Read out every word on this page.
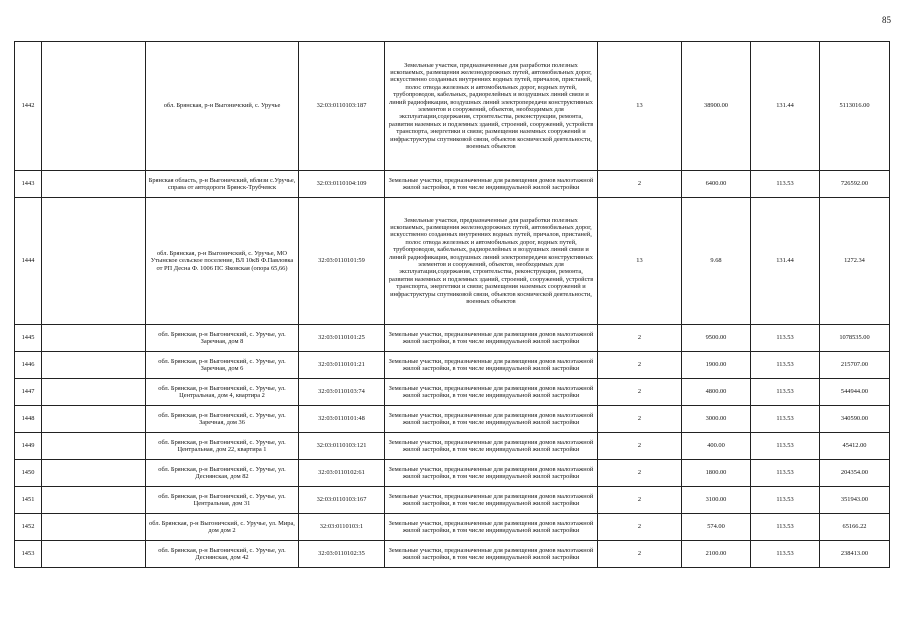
85
1442		обл. Брянская, р-н Выгоничский, с. Уручье	32:03:0110103:187	Земельные участки, предназначенные для разработки полезных ископаемых, размещения железнодорожных путей, автомобильных дорог, искусственно созданных внутренних водных путей, причалов, пристаней, полос отвода железных и автомобильных дорог, водных путей, трубопроводов, кабельных, радиорелейных и воздушных линий связи и линий радиофикации, воздушных линий электропередачи конструктивных элементов и сооружений, объектов, необходимых для эксплуатации,содержания, строительства, реконструкции, ремонта, развития наземных и подземных зданий, строений, сооружений, устройств транспорта, энергетики и связи; размещения наземных сооружений и инфраструктуры спутниковой связи, объектов космической деятельности, военных объектов	13	38900.00	131.44	5113016.00
1443		Брянская область, р-н Выгоничский, вблизи с.Уручье, справа от автодороги Брянск-Трубчевск	32:03:0110104:109	Земельные участки, предназначенные для размещения домов малоэтажной жилой застройки, в том числе индивидуальной жилой застройки	2	6400.00	113.53	726592.00
1444		обл. Брянская, р-н Выгоничский, с. Уручье, МО Утынское сельское поселение, ВЛ 10кВ Ф.Павловка от РП Десна Ф. 1006 ПС Яковская (опора 65,66)	32:03:0110101:59	Земельные участки, предназначенные для разработки полезных ископаемых, размещения железнодорожных путей, автомобильных дорог, искусственно созданных внутренних водных путей, причалов, пристаней, полос отвода железных и автомобильных дорог, водных путей, трубопроводов, кабельных, радиорелейных и воздушных линий связи и линий радиофикации, воздушных линий электропередачи конструктивных элементов и сооружений, объектов, необходимых для эксплуатации,содержания, строительства, реконструкции, ремонта, развития наземных и подземных зданий, строений, сооружений, устройств транспорта, энергетики и связи; размещения наземных сооружений и инфраструктуры спутниковой связи, объектов космической деятельности, военных объектов	13	9.68	131.44	1272.34
1445		обл. Брянская, р-н Выгоничский, с. Уручье, ул. Заречная, дом 8	32:03:0110101:25	Земельные участки, предназначенные для размещения домов малоэтажной жилой застройки, в том числе индивидуальной жилой застройки	2	9500.00	113.53	1078535.00
1446		обл. Брянская, р-н Выгоничский, с. Уручье, ул. Заречная, дом 6	32:03:0110101:21	Земельные участки, предназначенные для размещения домов малоэтажной жилой застройки, в том числе индивидуальной жилой застройки	2	1900.00	113.53	215707.00
1447		обл. Брянская, р-н Выгоничский, с. Уручье, ул. Центральная, дом 4, квартира 2	32:03:0110103:74	Земельные участки, предназначенные для размещения домов малоэтажной жилой застройки, в том числе индивидуальной жилой застройки	2	4800.00	113.53	544944.00
1448		обл. Брянская, р-н Выгоничский, с. Уручье, ул. Заречная, дом 36	32:03:0110101:48	Земельные участки, предназначенные для размещения домов малоэтажной жилой застройки, в том числе индивидуальной жилой застройки	2	3000.00	113.53	340590.00
1449		обл. Брянская, р-н Выгоничский, с. Уручье, ул. Центральная, дом 22, квартира 1	32:03:0110103:121	Земельные участки, предназначенные для размещения домов малоэтажной жилой застройки, в том числе индивидуальной жилой застройки	2	400.00	113.53	45412.00
1450		обл. Брянская, р-н Выгоничский, с. Уручье, ул. Деснянская, дом 82	32:03:0110102:61	Земельные участки, предназначенные для размещения домов малоэтажной жилой застройки, в том числе индивидуальной жилой застройки	2	1800.00	113.53	204354.00
1451		обл. Брянская, р-н Выгоничский, с. Уручье, ул. Центральная, дом 31	32:03:0110103:167	Земельные участки, предназначенные для размещения домов малоэтажной жилой застройки, в том числе индивидуальной жилой застройки	2	3100.00	113.53	351943.00
1452		обл. Брянская, р-н Выгоничский, с. Уручье, ул. Мира, дом дом 2	32:03:0110103:1	Земельные участки, предназначенные для размещения домов малоэтажной жилой застройки, в том числе индивидуальной жилой застройки	2	574.00	113.53	65166.22
1453		обл. Брянская, р-н Выгоничский, с. Уручье, ул. Деснянская, дом 42	32:03:0110102:35	Земельные участки, предназначенные для размещения домов малоэтажной жилой застройки, в том числе индивидуальной жилой застройки	2	2100.00	113.53	238413.00
